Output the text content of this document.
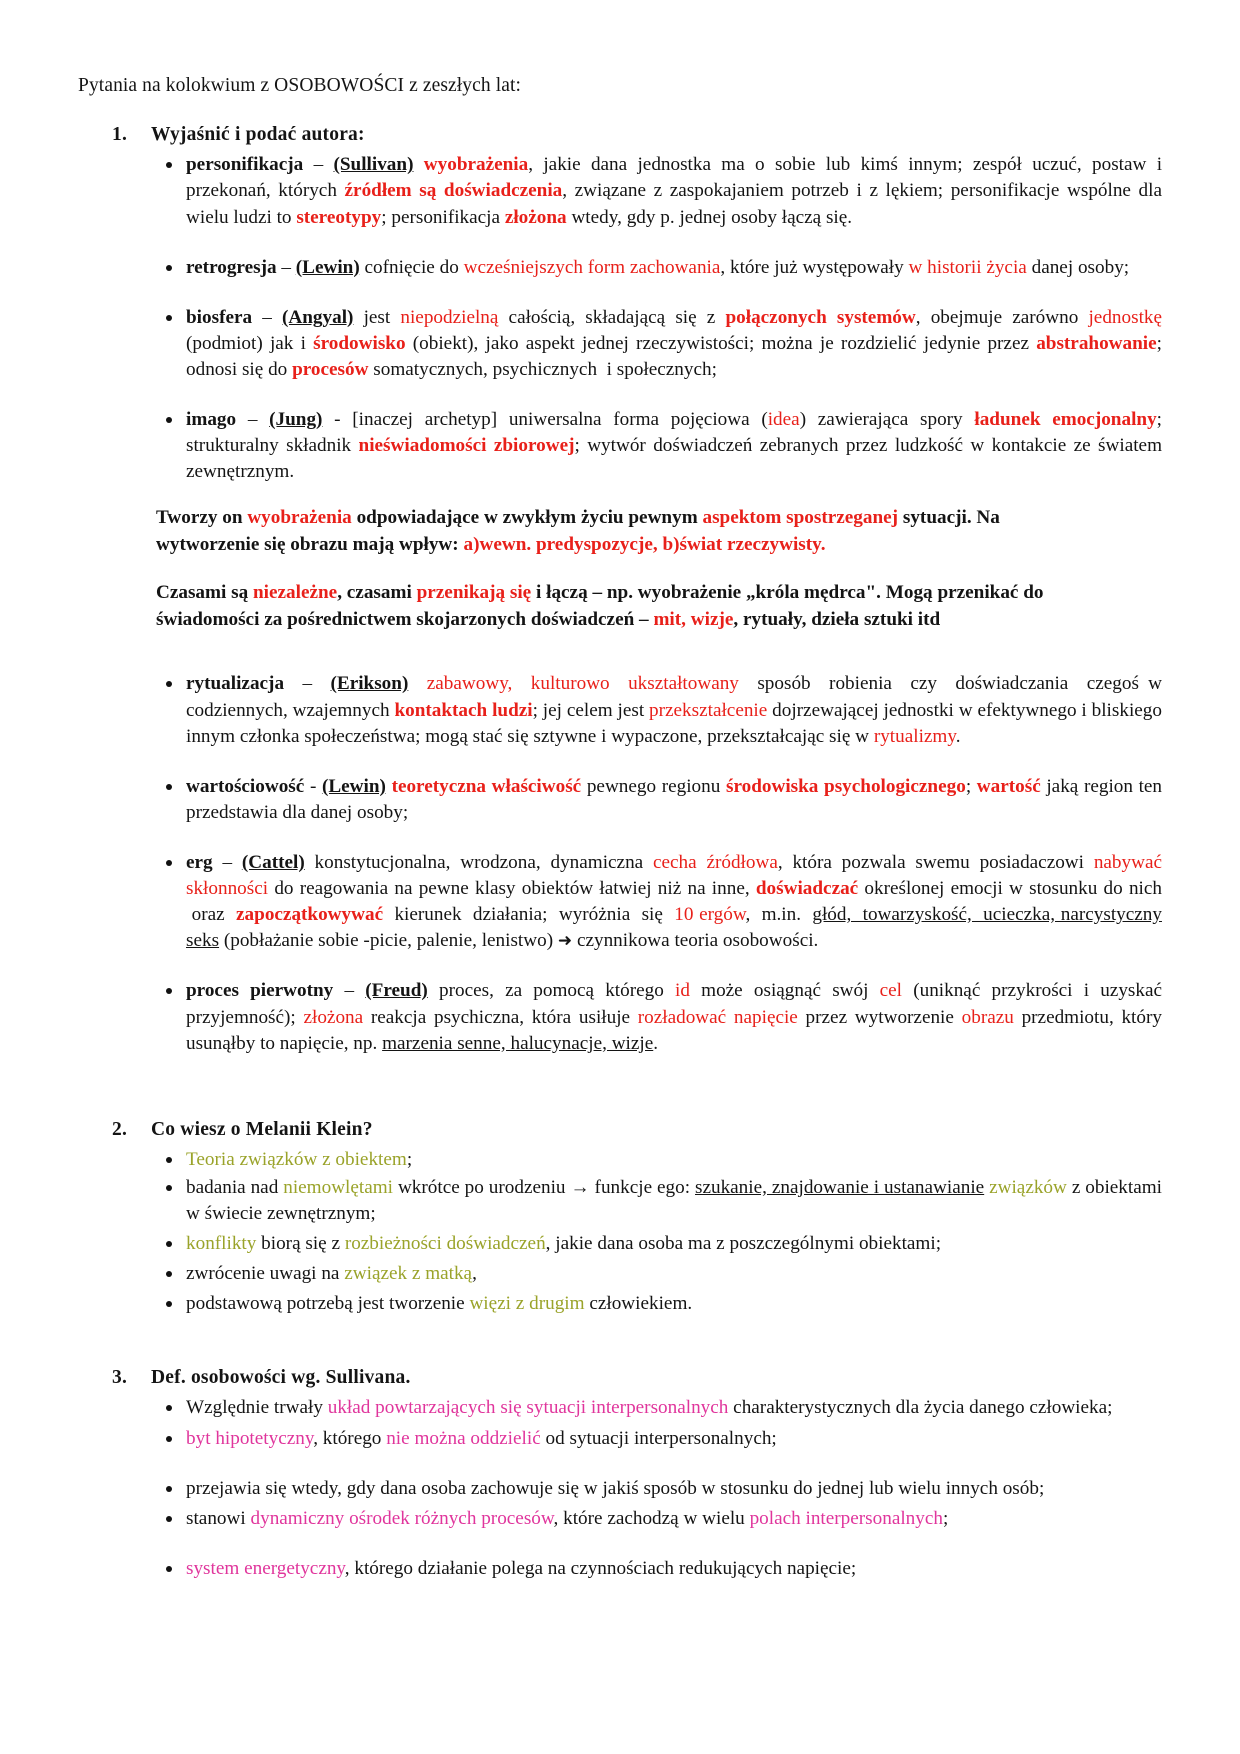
Pytania na kolokwium z OSOBOWOŚCI z zeszłych lat:

1. Wyjaśnić i podać autora:

personifikacja – (Sullivan) wyobrażenia, jakie dana jednostka ma o sobie lub kimś innym; zespół uczuć, postaw i przekonań, których źródłem są doświadczenia, związane z zaspokajaniem potrzeb i z lękiem; personifikacje wspólne dla wielu ludzi to stereotypy; personifikacja złożona wtedy, gdy p. jednej osoby łączą się.
retrogresja – (Lewin) cofnięcie do wcześniejszych form zachowania, które już występowały w historii życia danej osoby;
biosfera – (Angyal) jest niepodzielną całością, składającą się z połączonych systemów, obejmuje zarówno jednostkę (podmiot) jak i środowisko (obiekt), jako aspekt jednej rzeczywistości; można je rozdzielić jedynie przez abstrahowanie; odnosi się do procesów somatycznych, psychicznych  i społecznych;
imago – (Jung) - [inaczej archetyp] uniwersalna forma pojęciowa (idea) zawierająca spory ładunek emocjonalny; strukturalny składnik nieświadomości zbiorowej; wytwór doświadczeń zebranych przez ludzkość w kontakcie ze światem zewnętrznym.

Tworzy on wyobrażenia odpowiadające w zwykłym życiu pewnym aspektom spostrzeganej sytuacji. Na wytworzenie się obrazu mają wpływ: a)wewn. predyspozycje, b)świat rzeczywisty.

Czasami są niezależne, czasami przenikają się i łączą – np. wyobrażenie „króla mędrca". Mogą przenikać do świadomości za pośrednictwem skojarzonych doświadczeń – mit, wizje, rytuały, dzieła sztuki itd

rytualizacja  –  (Erikson)  zabawowy,  kulturowo  ukształtowany  sposób  robienia  czy  doświadczania  czegoś w codziennych, wzajemnych kontaktach ludzi; jej celem jest przekształcenie dojrzewającej jednostki w efektywnego i bliskiego innym członka społeczeństwa; mogą stać się sztywne i wypaczone, przekształcając się w rytualizmy.
wartościowość - (Lewin) teoretyczna właściwość pewnego regionu środowiska psychologicznego; wartość jaką region ten przedstawia dla danej osoby;
erg – (Cattel) konstytucjonalna, wrodzona, dynamiczna cecha źródłowa, która pozwala swemu posiadaczowi nabywać skłonności do reagowania na pewne klasy obiektów łatwiej niż na inne, doświadczać określonej emocji w stosunku do nich  oraz  zapoczątkowywać  kierunek  działania;  wyróżnia  się  10 ergów,  m.in.  głód,  towarzyskość,  ucieczka, narcystyczny seks (pobłażanie sobie -picie, palenie, lenistwo) ➜ czynnikowa teoria osobowości.
proces  pierwotny  –  (Freud)  proces,  za  pomocą  którego  id  może  osiągnąć  swój  cel  (uniknąć  przykrości  i  uzyskać przyjemność); złożona reakcja psychiczna, która usiłuje rozładować napięcie przez wytworzenie obrazu przedmiotu, który usunąłby to napięcie, np. marzenia senne, halucynacje, wizje.

2. Co wiesz o Melanii Klein?

Teoria związków z obiektem;
badania nad niemowlętami wkrótce po urodzeniu → funkcje ego: szukanie, znajdowanie i ustanawianie związków z obiektami w świecie zewnętrznym;
konflikty biorą się z rozbieżności doświadczeń, jakie dana osoba ma z poszczególnymi obiektami;
zwrócenie uwagi na związek z matką,
podstawową potrzebą jest tworzenie więzi z drugim człowiekiem.

3. Def. osobowości wg. Sullivana.

Względnie trwały układ powtarzających się sytuacji interpersonalnych charakterystycznych dla życia danego człowieka;
byt hipotetyczny, którego nie można oddzielić od sytuacji interpersonalnych;
przejawia się wtedy, gdy dana osoba zachowuje się w jakiś sposób w stosunku do jednej lub wielu innych osób;
stanowi dynamiczny ośrodek różnych procesów, które zachodzą w wielu polach interpersonalnych;
system energetyczny, którego działanie polega na czynnościach redukujących napięcie;
